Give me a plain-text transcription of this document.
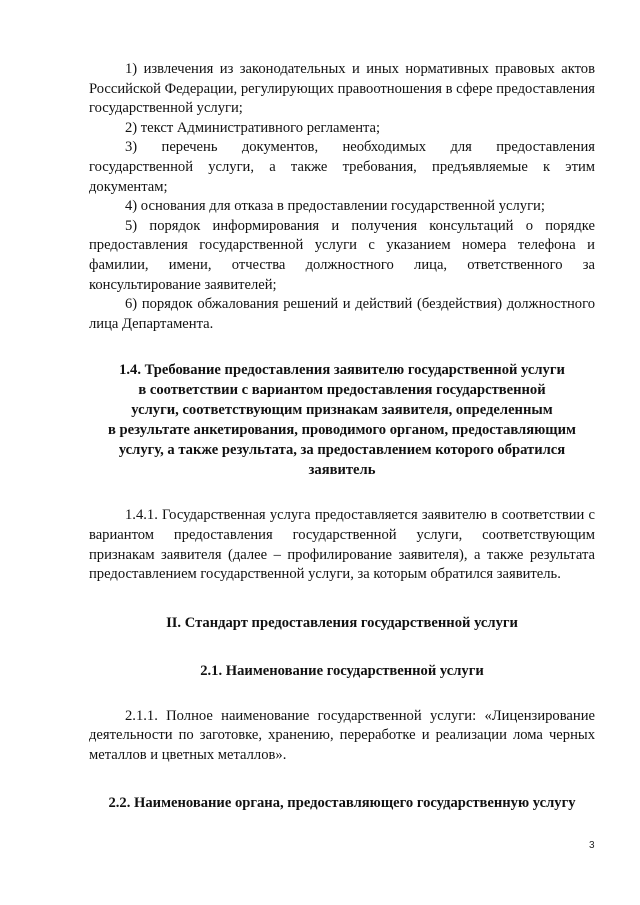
1) извлечения из законодательных и иных нормативных правовых актов Российской Федерации, регулирующих правоотношения в сфере предоставления государственной услуги;

2) текст Административного регламента;

3) перечень документов, необходимых для предоставления государственной услуги, а также требования, предъявляемые к этим документам;

4) основания для отказа в предоставлении государственной услуги;

5) порядок информирования и получения консультаций о порядке предоставления государственной услуги с указанием номера телефона и фамилии, имени, отчества должностного лица, ответственного за консультирование заявителей;

6) порядок обжалования решений и действий (бездействия) должностного лица Департамента.

1.4. Требование предоставления заявителю государственной услуги
в соответствии с вариантом предоставления государственной
услуги, соответствующим признакам заявителя, определенным
в результате анкетирования, проводимого органом, предоставляющим
услугу, а также результата, за предоставлением которого обратился
заявитель

1.4.1. Государственная услуга предоставляется заявителю в соответствии с вариантом предоставления государственной услуги, соответствующим признакам заявителя (далее – профилирование заявителя), а также результата предоставлением государственной услуги, за которым обратился заявитель.

II. Стандарт предоставления государственной услуги
2.1. Наименование государственной услуги

2.1.1. Полное наименование государственной услуги: «Лицензирование деятельности по заготовке, хранению, переработке и реализации лома черных металлов и цветных металлов».

2.2. Наименование органа, предоставляющего государственную услугу
3
